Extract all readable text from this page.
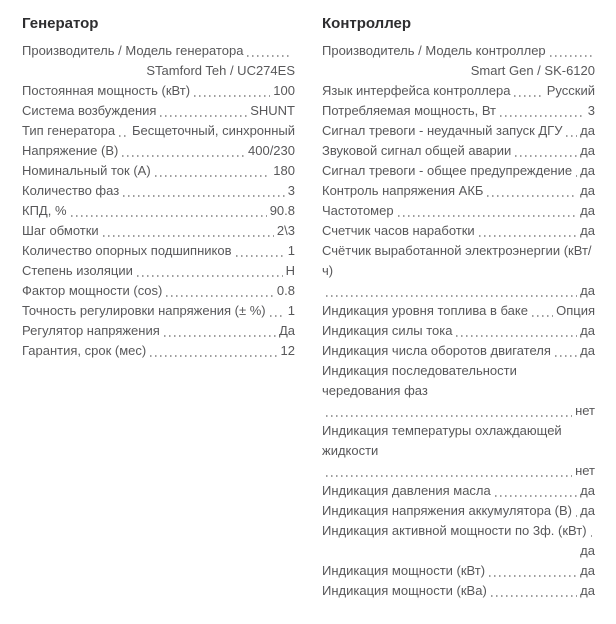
Генератор
Производитель / Модель генератора
STamford Teh / UC274ES
Постоянная мощность (кВт)	100
Система возбуждения	SHUNT
Тип генератора Бесщеточный, синхронный
Напряжение (В)	400/230
Номинальный ток (А)	180
Количество фаз	3
КПД, %	90.8
Шаг обмотки	2\3
Количество опорных подшипников	1
Степень изоляции	H
Фактор мощности (cos)	0.8
Точность регулировки напряжения (± %) 1
Регулятор напряжения	Да
Гарантия, срок (мес)	12
Контроллер
Производитель / Модель контроллер
Smart Gen / SK-6120
Язык интерфейса контроллера	Русский
Потребляемая мощность, Вт	3
Сигнал тревоги - неудачный запуск ДГУ да
Звуковой сигнал общей аварии	да
Сигнал тревоги - общее предупреждение да
Контроль напряжения АКБ	да
Частотомер	да
Счетчик часов наработки	да
Счётчик выработанной электроэнергии (кВт/ч)
да
Индикация уровня топлива в баке Опция
Индикация силы тока	да
Индикация числа оборотов двигателя да
Индикация последовательности чередования фаз
нет
Индикация температуры охлаждающей жидкости
нет
Индикация давления масла	да
Индикация напряжения аккумулятора (В) да
Индикация активной мощности по 3ф. (кВт)
да
Индикация мощности (кВт)	да
Индикация мощности (кВа)	да
